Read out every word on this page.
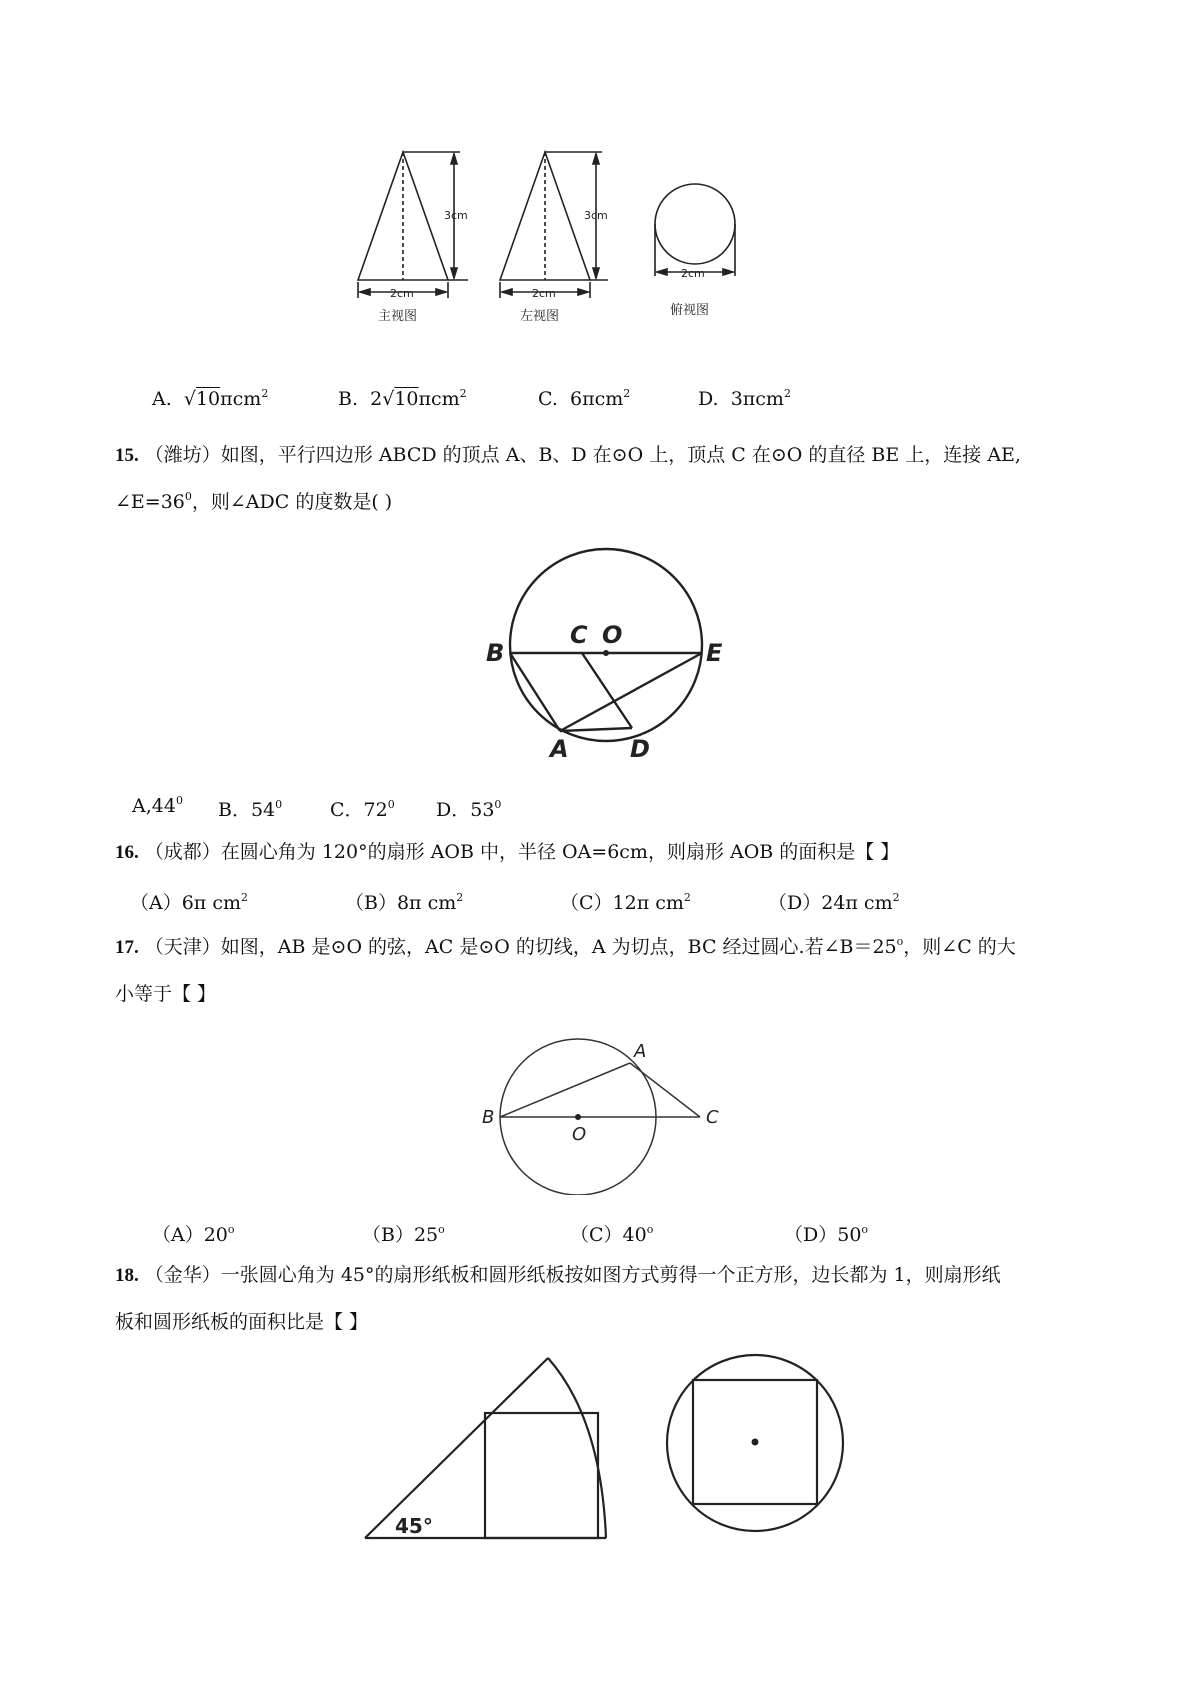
3cm
2cm
主视图
3cm
2cm
左视图
2cm
俯视图
A. √10πcm$^2$	B. 2√10πcm$^2$	C. 6πcm$^2$	D. 3πcm$^2$
15. （潍坊）如图，平行四边形 ABCD 的顶点 A、B、D 在⊙O 上，顶点 C 在⊙O 的直径 BE 上，连接 AE,
$\angle E=36^0$，则∠ADC 的度数是( )
B
C O
E
A	D
$A,44^0$ B．$54^0$	C．$72^0$ D．$53^0$
16. （成都）在圆心角为 120°的扇形 AOB 中，半径 OA=6cm，则扇形 AOB 的面积是【 】
（A）6π $cm^2$	（B）8π $cm^2$	（C）12π $cm^2$	（D）24π $cm^2$
17. （天津）如图，AB 是⊙O 的弦，AC 是⊙O 的切线，A 为切点，BC 经过圆心.若$\angle B=25^o$，则∠C 的大
小等于【 】
A
B
O
C
（A）20$^o$	（B）25$^o$	（C）40$^o$	（D）50$^o$
18. （金华）一张圆心角为 45°的扇形纸板和圆形纸板按如图方式剪得一个正方形，边长都为 1，则扇形纸
板和圆形纸板的面积比是【 】
45°
